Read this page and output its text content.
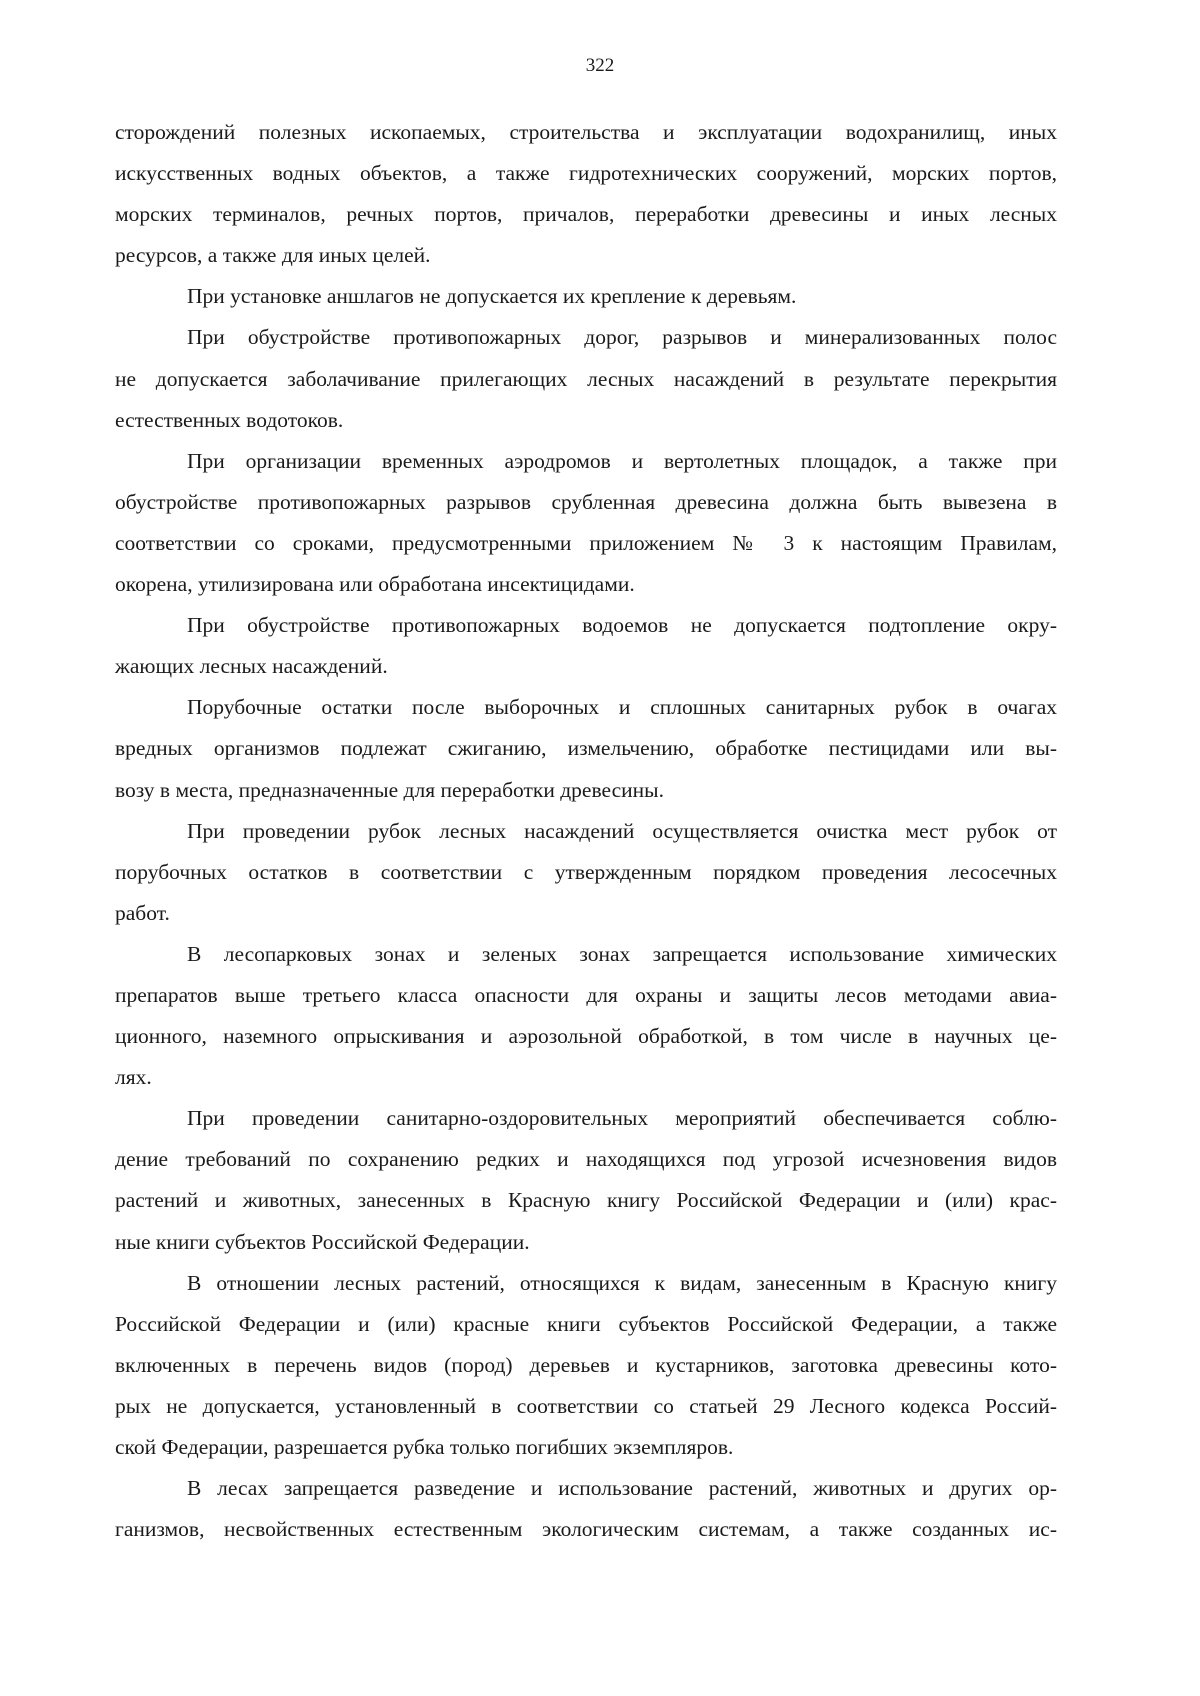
322

сторождений полезных ископаемых, строительства и эксплуатации водохранилищ, иных
искусственных водных объектов, а также гидротехнических сооружений, морских портов,
морских терминалов, речных портов, причалов, переработки древесины и иных лесных
ресурсов, а также для иных целей.

При установке аншлагов не допускается их крепление к деревьям.

При обустройстве противопожарных дорог, разрывов и минерализованных полос
не допускается заболачивание прилегающих лесных насаждений в результате перекрытия
естественных водотоков.

При организации временных аэродромов и вертолетных площадок, а также при
обустройстве противопожарных разрывов срубленная древесина должна быть вывезена в
соответствии со сроками, предусмотренными приложением № 3 к настоящим Правилам,
окорена, утилизирована или обработана инсектицидами.

При обустройстве противопожарных водоемов не допускается подтопление окру-
жающих лесных насаждений.

Порубочные остатки после выборочных и сплошных санитарных рубок в очагах
вредных организмов подлежат сжиганию, измельчению, обработке пестицидами или вы-
возу в места, предназначенные для переработки древесины.

При проведении рубок лесных насаждений осуществляется очистка мест рубок от
порубочных остатков в соответствии с утвержденным порядком проведения лесосечных
работ.

В лесопарковых зонах и зеленых зонах запрещается использование химических
препаратов выше третьего класса опасности для охраны и защиты лесов методами авиа-
ционного, наземного опрыскивания и аэрозольной обработкой, в том числе в научных це-
лях.

При проведении санитарно-оздоровительных мероприятий обеспечивается соблю-
дение требований по сохранению редких и находящихся под угрозой исчезновения видов
растений и животных, занесенных в Красную книгу Российской Федерации и (или) крас-
ные книги субъектов Российской Федерации.

В отношении лесных растений, относящихся к видам, занесенным в Красную книгу
Российской Федерации и (или) красные книги субъектов Российской Федерации, а также
включенных в перечень видов (пород) деревьев и кустарников, заготовка древесины кото-
рых не допускается, установленный в соответствии со статьей 29 Лесного кодекса Россий-
ской Федерации, разрешается рубка только погибших экземпляров.

В лесах запрещается разведение и использование растений, животных и других ор-
ганизмов, несвойственных естественным экологическим системам, а также созданных ис-
